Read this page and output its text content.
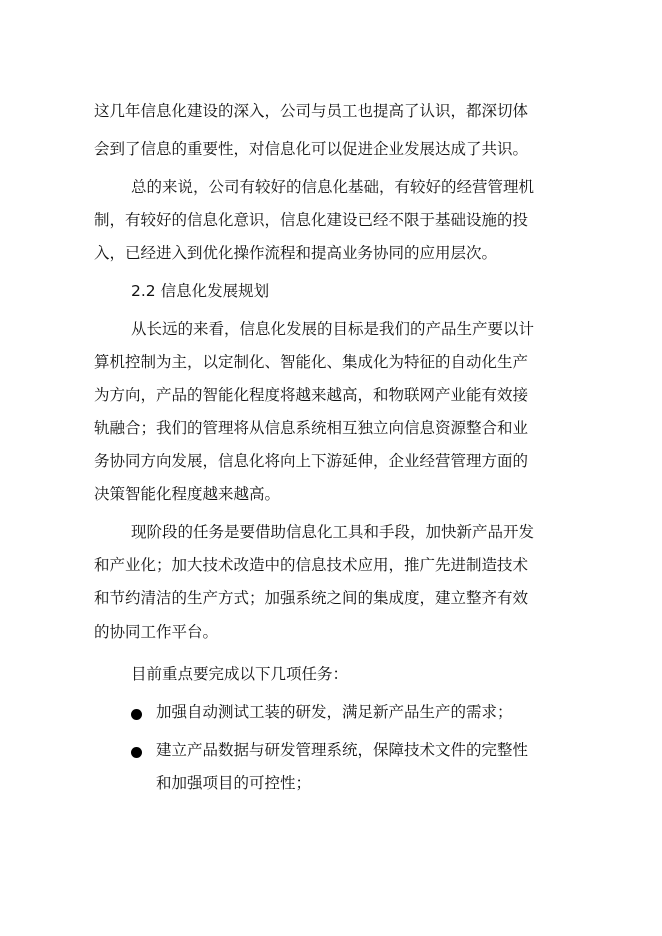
这几年信息化建设的深入，公司与员工也提高了认识，都深切体
会到了信息的重要性，对信息化可以促进企业发展达成了共识。
总的来说，公司有较好的信息化基础，有较好的经营管理机
制，有较好的信息化意识，信息化建设已经不限于基础设施的投
入，已经进入到优化操作流程和提高业务协同的应用层次。
2.2 信息化发展规划
从长远的来看，信息化发展的目标是我们的产品生产要以计
算机控制为主，以定制化、智能化、集成化为特征的自动化生产
为方向，产品的智能化程度将越来越高，和物联网产业能有效接
轨融合；我们的管理将从信息系统相互独立向信息资源整合和业
务协同方向发展，信息化将向上下游延伸，企业经营管理方面的
决策智能化程度越来越高。
现阶段的任务是要借助信息化工具和手段，加快新产品开发
和产业化；加大技术改造中的信息技术应用，推广先进制造技术
和节约清洁的生产方式；加强系统之间的集成度，建立整齐有效
的协同工作平台。
目前重点要完成以下几项任务：
加强自动测试工装的研发，满足新产品生产的需求；
建立产品数据与研发管理系统，保障技术文件的完整性
和加强项目的可控性；
